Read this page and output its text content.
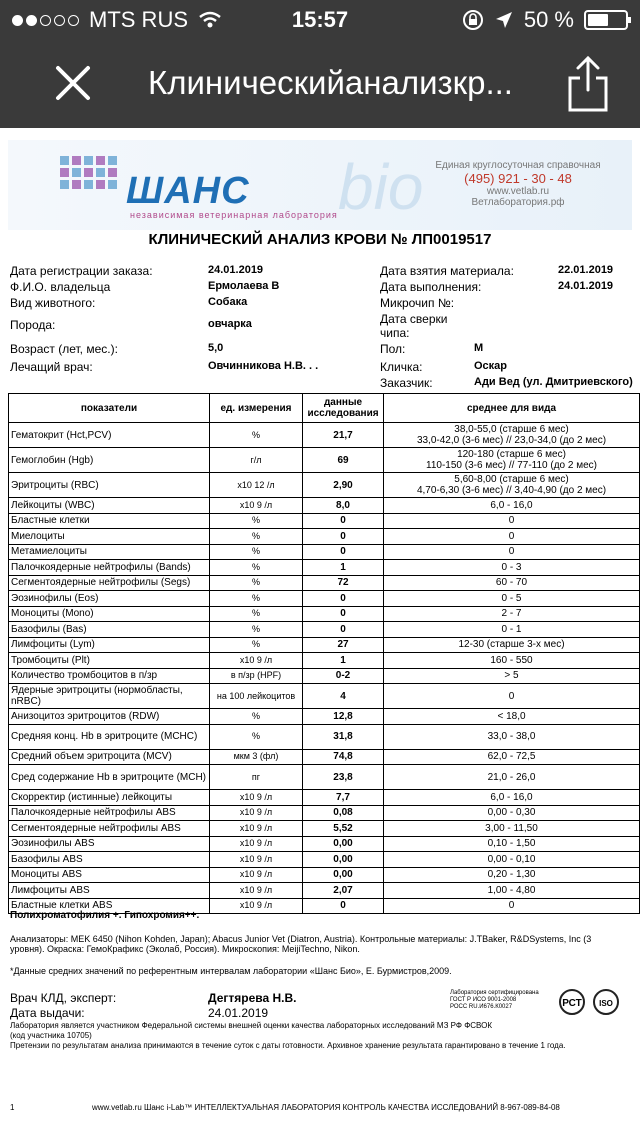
MTS RUS	15:57	50 %
Клиническийанализкр...
ШАНС
независимая ветеринарная лаборатория bio	Единая круглосуточная справочная
(495) 921 - 30 - 48
www.vetlab.ru
Ветлаборатория.рф
КЛИНИЧЕСКИЙ АНАЛИЗ КРОВИ № ЛП0019517
Дата регистрации заказа:	24.01.2019
Ф.И.О. владельца	Ермолаева В
Вид животного:	Собака
Порода:	овчарка
Возраст (лет, мес.):	5,0
Лечащий врач:	Овчинникова Н.В. . .
Дата взятия материала:	22.01.2019
Дата выполнения:	24.01.2019
Микрочип №:
Дата сверки чипа:
Пол:	М
Кличка:	Оскар
Заказчик:	Ади Вед (ул. Дмитриевского)
показатели	ед. измерения	данные исследования	среднее для вида
Гематокрит (Hct,PCV)	%	21,7	38,0-55,0 (старше 6 мес)
33,0-42,0 (3-6 мес) // 23,0-34,0 (до 2 мес)
Гемоглобин (Hgb)	г/л	69	120-180 (старше 6 мес)
110-150 (3-6 мес) // 77-110 (до 2 мес)
Эритроциты (RBC)	х10 12 /л	2,90	5,60-8,00 (старше 6 мес)
4,70-6,30 (3-6 мес) // 3,40-4,90 (до 2 мес)
Лейкоциты (WBC)	х10 9 /л	8,0	6,0 - 16,0
Бластные клетки	%	0	0
Миелоциты	%	0	0
Метамиелоциты	%	0	0
Палочкоядерные нейтрофилы (Bands)	%	1	0 - 3
Сегментоядерные нейтрофилы (Segs)	%	72	60 - 70
Эозинофилы (Eos)	%	0	0 - 5
Моноциты (Mono)	%	0	2 - 7
Базофилы (Bas)	%	0	0 - 1
Лимфоциты (Lym)	%	27	12-30 (старше 3-х мес)
Тромбоциты (Plt)	х10 9 /л	1	160 - 550
Количество тромбоцитов в п/зр	в п/зр (HPF)	0-2	> 5
Ядерные эритроциты (нормобласты, nRBC)	на 100 лейкоцитов	4	0
Анизоцитоз эритроцитов (RDW)	%	12,8	< 18,0
Средняя конц. Hb в эритроците (МСНС)	%	31,8	33,0 - 38,0
Средний объем эритроцита (MCV)	мкм 3 (фл)	74,8	62,0 - 72,5
Сред содержание Hb в эритроците (МСН)	пг	23,8	21,0 - 26,0
Скорректир (истинные) лейкоциты	х10 9 /л	7,7	6,0 - 16,0
Палочкоядерные нейтрофилы ABS	х10 9 /л	0,08	0,00 - 0,30
Сегментоядерные нейтрофилы ABS	х10 9 /л	5,52	3,00 - 11,50
Эозинофилы ABS	х10 9 /л	0,00	0,10 - 1,50
Базофилы ABS	х10 9 /л	0,00	0,00 - 0,10
Моноциты ABS	х10 9 /л	0,00	0,20 - 1,30
Лимфоциты ABS	х10 9 /л	2,07	1,00 - 4,80
Бластные клетки ABS	х10 9 /л	0	0
Полихроматофилия +. Гипохромия++.
Анализаторы: MEK 6450 (Nihon Kohden, Japan); Abacus Junior Vet (Diatron, Austria). Контрольные материалы: J.TBaker, R&DSystems, Inc (3 уровня). Окраска: ГемоКрафикс (Эколаб, Россия). Микроскопия: MeijiTechno, Nikon.
*Данные средних значений по референтным интервалам лаборатории «Шанс Био», Е. Бурмистров,2009.
Врач КЛД, эксперт:	Дегтярева Н.В.
Дата выдачи:	24.01.2019
Лаборатория сертифицирована
ГОСТ Р ИСО 9001-2008
РОСС RU.И676.К0027	РСТ ISO
Лаборатория является участником Федеральной системы внешней оценки качества лабораторных исследований МЗ РФ ФСВОК
(код участника 10705)
Претензии по результатам анализа принимаются в течение суток с даты готовности. Архивное хранение результата гарантировано в течение 1 года.
1	www.vetlab.ru Шанс i-Lab™ ИНТЕЛЛЕКТУАЛЬНАЯ ЛАБОРАТОРИЯ КОНТРОЛЬ КАЧЕСТВА ИССЛЕДОВАНИЙ 8-967-089-84-08
